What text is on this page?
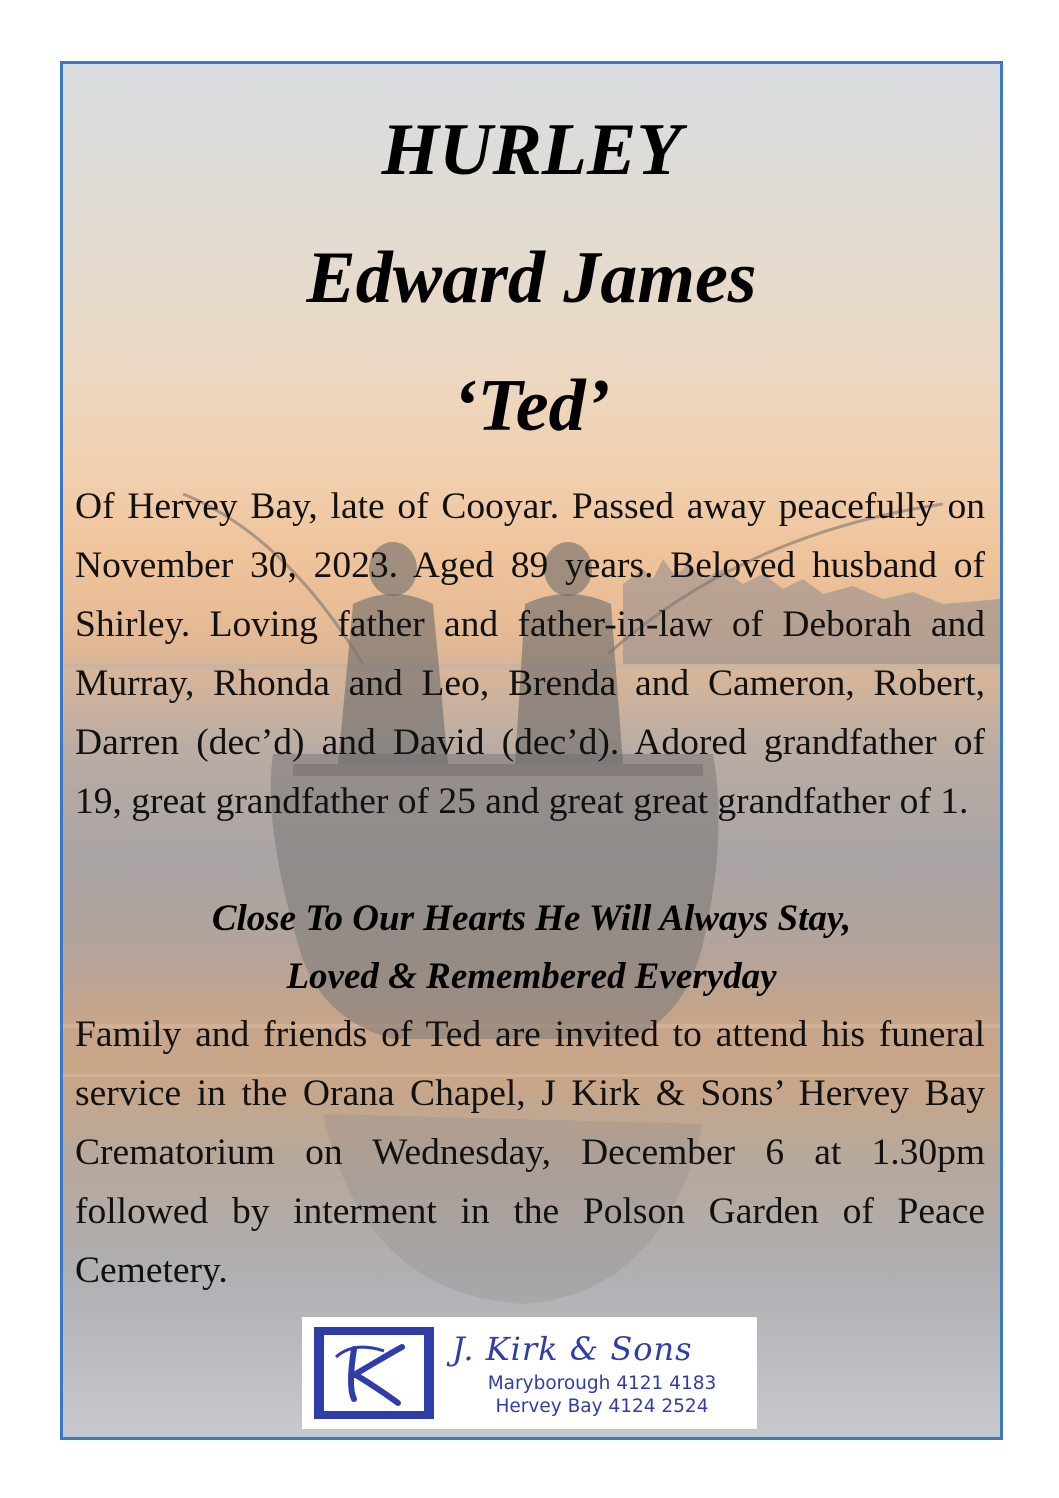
HURLEY
Edward James
‘Ted’

Of Hervey Bay, late of Cooyar. Passed away peacefully on November 30, 2023. Aged 89 years. Beloved husband of Shirley. Loving father and father-in-law of Deborah and Murray, Rhonda and Leo, Brenda and Cameron, Robert, Darren (dec’d) and David (dec’d). Adored grandfather of 19, great grandfather of 25 and great great grandfather of 1.

Close To Our Hearts He Will Always Stay,

Loved & Remembered Everyday

Family and friends of Ted are invited to attend his funeral service in the Orana Chapel, J Kirk & Sons’ Hervey Bay Crematorium on Wednesday, December 6 at 1.30pm followed by interment in the Polson Garden of Peace Cemetery.

J. Kirk & Sons

Maryborough 4121 4183

Hervey Bay 4124 2524
